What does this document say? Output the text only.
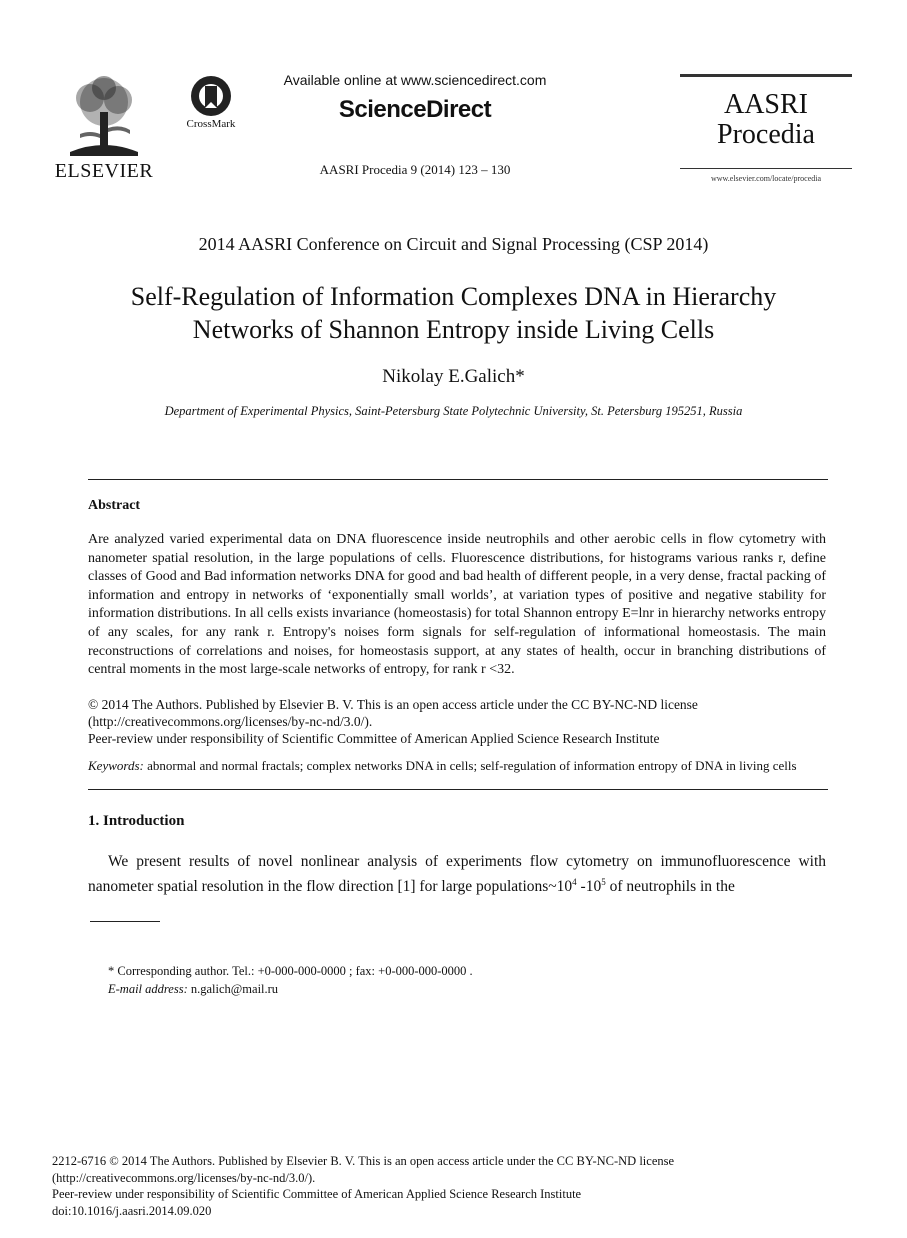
ELSEVIER
CrossMark
Available online at www.sciencedirect.com
ScienceDirect
AASRI Procedia 9 (2014) 123 – 130
AASRI
Procedia
www.elsevier.com/locate/procedia
2014 AASRI Conference on Circuit and Signal Processing (CSP 2014)
Self-Regulation of Information Complexes DNA in Hierarchy
Networks of Shannon Entropy inside Living Cells
Nikolay E.Galich*
Department of Experimental Physics, Saint-Petersburg State Polytechnic University, St. Petersburg 195251, Russia
Abstract
Are analyzed varied experimental data on DNA fluorescence inside neutrophils and other aerobic cells in flow cytometry with nanometer spatial resolution, in the large populations of cells. Fluorescence distributions, for histograms various ranks r, define classes of Good and Bad information networks DNA for good and bad health of different people, in a very dense, fractal packing of information and entropy in networks of ‘exponentially small worlds’, at variation types of positive and negative stability for information distributions. In all cells exists invariance (homeostasis) for total Shannon entropy E=lnr in hierarchy networks entropy of any scales, for any rank r. Entropy's noises form signals for self-regulation of informational homeostasis. The main reconstructions of correlations and noises, for homeostasis support, at any states of health, occur in branching distributions of central moments in the most large-scale networks of entropy, for rank r <32.
© 2014 The Authors. Published by Elsevier B. V. This is an open access article under the CC BY-NC-ND license
(http://creativecommons.org/licenses/by-nc-nd/3.0/).
Peer-review under responsibility of Scientific Committee of American Applied Science Research Institute
Keywords: abnormal and normal fractals; complex networks DNA in cells; self-regulation of information entropy of DNA in living cells
1. Introduction
We present results of novel nonlinear analysis of experiments flow cytometry on immunofluorescence with nanometer spatial resolution in the flow direction [1] for large $populations\sim 10^4$ $-10^5$ of neutrophils in the
* Corresponding author. Tel.: +0-000-000-0000 ; fax: +0-000-000-0000 .
E-mail address: n.galich@mail.ru
2212-6716 © 2014 The Authors. Published by Elsevier B. V. This is an open access article under the CC BY-NC-ND license
(http://creativecommons.org/licenses/by-nc-nd/3.0/).
Peer-review under responsibility of Scientific Committee of American Applied Science Research Institute
doi:10.1016/j.aasri.2014.09.020
